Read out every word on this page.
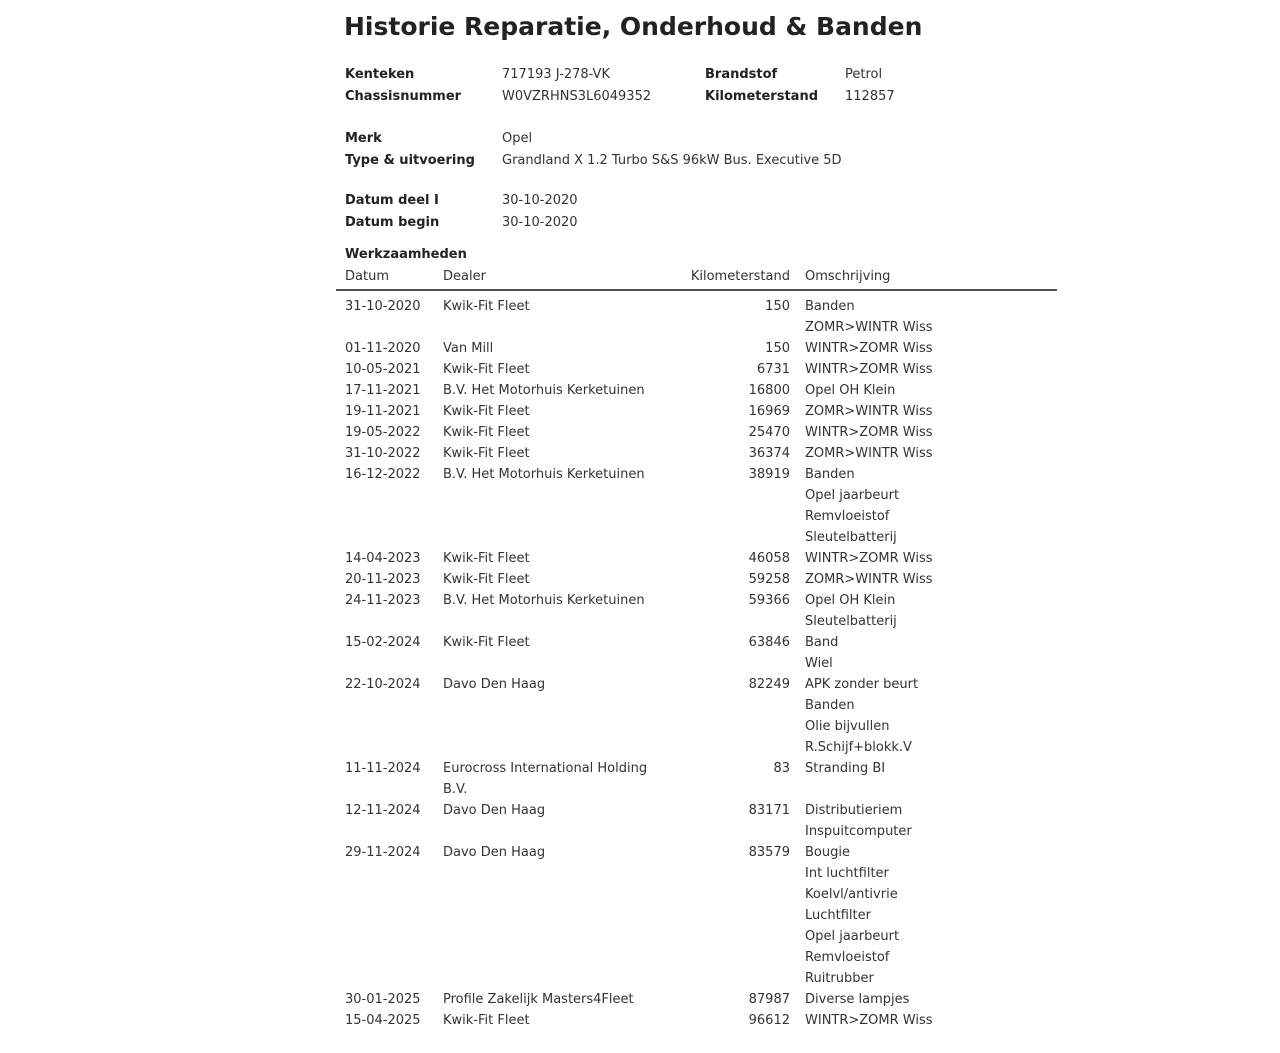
Historie Reparatie, Onderhoud & Banden
Kenteken	717193 J-278-VK	Brandstof	Petrol
Chassisnummer	W0VZRHNS3L6049352	Kilometerstand	112857
Merk	Opel
Type & uitvoering	Grandland X 1.2 Turbo S&S 96kW Bus. Executive 5D
Datum deel I	30-10-2020
Datum begin	30-10-2020
Werkzaamheden
Datum	Dealer	Kilometerstand	Omschrijving
31-10-2020	Kwik-Fit Fleet	150	Banden
ZOMR>WINTR Wiss

01-11-2020	Van Mill	150	WINTR>ZOMR Wiss

10-05-2021	Kwik-Fit Fleet	6731	WINTR>ZOMR Wiss

17-11-2021	B.V. Het Motorhuis Kerketuinen	16800	Opel OH Klein

19-11-2021	Kwik-Fit Fleet	16969	ZOMR>WINTR Wiss

19-05-2022	Kwik-Fit Fleet	25470	WINTR>ZOMR Wiss

31-10-2022	Kwik-Fit Fleet	36374	ZOMR>WINTR Wiss

16-12-2022	B.V. Het Motorhuis Kerketuinen	38919	Banden
Opel jaarbeurt
Remvloeistof
Sleutelbatterij

14-04-2023	Kwik-Fit Fleet	46058	WINTR>ZOMR Wiss

20-11-2023	Kwik-Fit Fleet	59258	ZOMR>WINTR Wiss

24-11-2023	B.V. Het Motorhuis Kerketuinen	59366	Opel OH Klein
Sleutelbatterij

15-02-2024	Kwik-Fit Fleet	63846	Band
Wiel

22-10-2024	Davo Den Haag	82249	APK zonder beurt
Banden
Olie bijvullen
R.Schijf+blokk.V

11-11-2024	Eurocross International Holding B.V.	83	Stranding BI

12-11-2024	Davo Den Haag	83171	Distributieriem
Inspuitcomputer

29-11-2024	Davo Den Haag	83579	Bougie
Int luchtfilter
Koelvl/antivrie
Luchtfilter
Opel jaarbeurt
Remvloeistof
Ruitrubber

30-01-2025	Profile Zakelijk Masters4Fleet	87987	Diverse lampjes

15-04-2025	Kwik-Fit Fleet	96612	WINTR>ZOMR Wiss
